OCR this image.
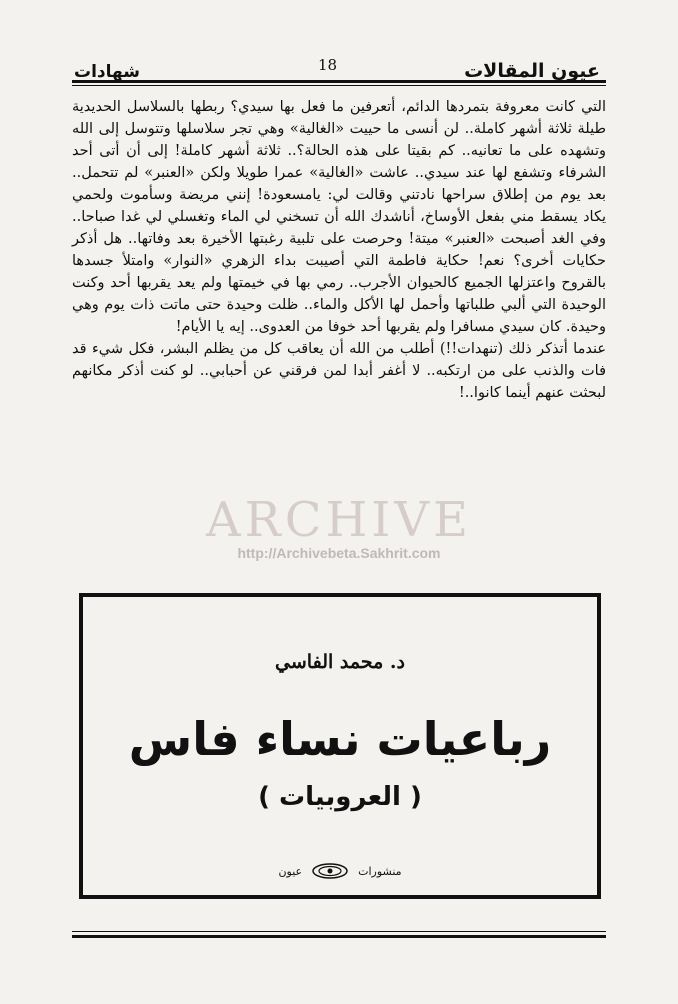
شهادات	18	عيون المقالات

التي كانت معروفة بتمردها الدائم، أتعرفين ما فعل بها سيدي؟ ربطها بالسلاسل الحديدية طيلة ثلاثة أشهر كاملة.. لن أنسى ما حييت «الغالية» وهي تجر سلاسلها وتتوسل إلى الله وتشهده على ما تعانيه.. كم بقيتا على هذه الحالة؟.. ثلاثة أشهر كاملة! إلى أن أتى أحد الشرفاء وتشفع لها عند سيدي.. عاشت «الغالية» عمرا طويلا ولكن «العنبر» لم تتحمل.. بعد يوم من إطلاق سراحها نادتني وقالت لي: يامسعودة! إنني مريضة وسأموت ولحمي يكاد يسقط مني بفعل الأوساخ، أناشدك الله أن تسخني لي الماء وتغسلي لي غدا صباحا.. وفي الغد أصبحت «العنبر» ميتة! وحرصت على تلبية رغبتها الأخيرة بعد وفاتها.. هل أذكر حكايات أخرى؟ نعم! حكاية فاطمة التي أصيبت بداء الزهري «النوار» وامتلأ جسدها بالقروح واعتزلها الجميع كالحيوان الأجرب.. رمي بها في خيمتها ولم يعد يقربها أحد وكنت الوحيدة التي ألبي طلباتها وأحمل لها الأكل والماء.. ظلت وحيدة حتى ماتت ذات يوم وهي وحيدة. كان سيدي مسافرا ولم يقربها أحد خوفا من العدوى.. إيه يا الأيام!

عندما أتذكر ذلك (تنهدات!!) أطلب من الله أن يعاقب كل من يظلم البشر، فكل شيء قد فات والذنب على من ارتكبه.. لا أغفر أبدا لمن فرقني عن أحبابي.. لو كنت أذكر مكانهم لبحثت عنهم أينما كانوا..!

ARCHIVE
http://Archivebeta.Sakhrit.com
د. محمد الفاسي
رباعيات نساء فاس
( العروبيات )
منشورات
عيون
